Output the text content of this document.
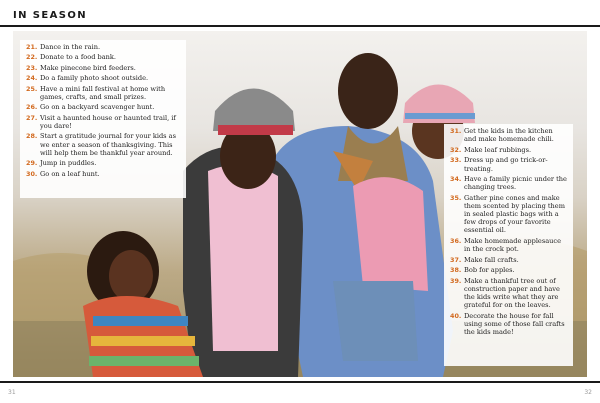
IN SEASON
21. Dance in the rain.
22. Donate to a food bank.
23. Make pinecone bird feeders.
24. Do a family photo shoot outside.
25. Have a mini fall festival at home with games, crafts, and small prizes.
26. Go on a backyard scavenger hunt.
27. Visit a haunted house or haunted trail, if you dare!
28. Start a gratitude journal for your kids as we enter a season of thanksgiving. This will help them be thankful year around.
29. Jump in puddles.
30. Go on a leaf hunt.
31. Get the kids in the kitchen and make homemade chili.
32. Make leaf rubbings.
33. Dress up and go trick-or-treating.
34. Have a family picnic under the changing trees.
35. Gather pine cones and make them scented by placing them in sealed plastic bags with a few drops of your favorite essential oil.
36. Make homemade applesauce in the crock pot.
37. Make fall crafts.
38. Bob for apples.
39. Make a thankful tree out of construction paper and have the kids write what they are grateful for on the leaves.
40. Decorate the house for fall using some of those fall crafts the kids made!
31	32
